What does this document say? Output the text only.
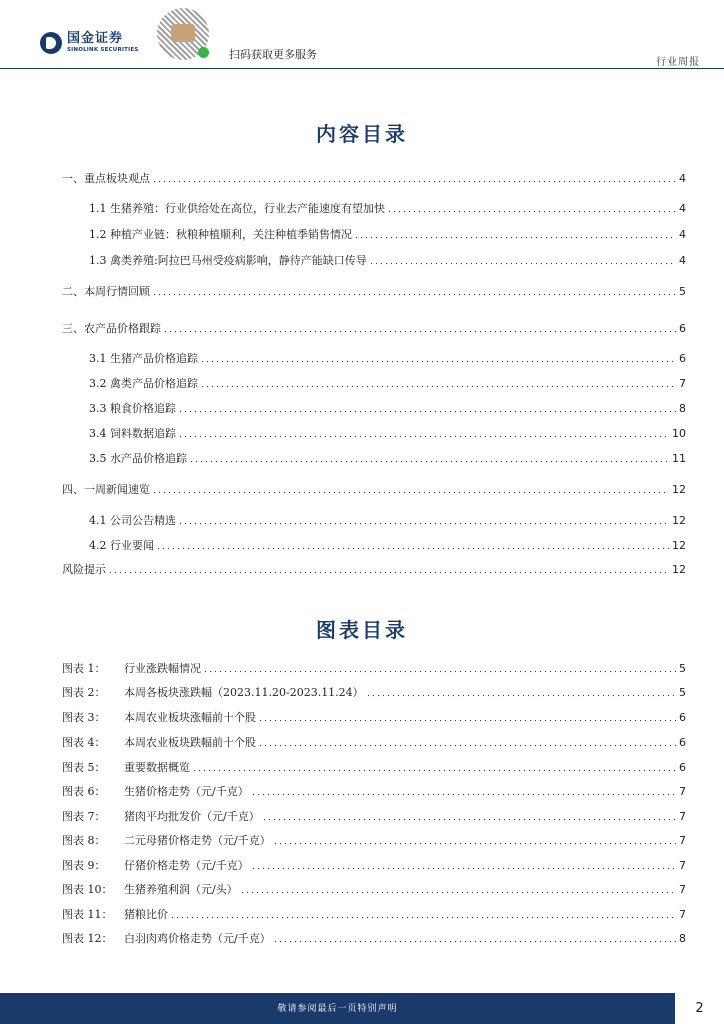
国金证券
SINOLINK SECURITIES	扫码获取更多服务
行业周报
内容目录
一、重点板块观点	4
1.1 生猪养殖：行业供给处在高位，行业去产能速度有望加快	4
1.2 种植产业链：秋粮种植顺利，关注种植季销售情况	4
1.3 禽类养殖:阿拉巴马州受疫病影响，静待产能缺口传导	4
二、本周行情回顾	5
三、农产品价格跟踪	6
3.1 生猪产品价格追踪	6
3.2 禽类产品价格追踪	7
3.3 粮食价格追踪	8
3.4 饲料数据追踪	10
3.5 水产品价格追踪	11
四、一周新闻速览	12
4.1 公司公告精选	12
4.2 行业要闻	12
风险提示	12
图表目录
图表 1： 行业涨跌幅情况	5
图表 2： 本周各板块涨跌幅（2023.11.20-2023.11.24）	5
图表 3： 本周农业板块涨幅前十个股	6
图表 4： 本周农业板块跌幅前十个股	6
图表 5： 重要数据概览	6
图表 6： 生猪价格走势（元/千克）	7
图表 7： 猪肉平均批发价（元/千克）	7
图表 8： 二元母猪价格走势（元/千克）	7
图表 9： 仔猪价格走势（元/千克）	7
图表 10： 生猪养殖利润（元/头）	7
图表 11： 猪粮比价	7
图表 12： 白羽肉鸡价格走势（元/千克）	8
敬请参阅最后一页特别声明	2
